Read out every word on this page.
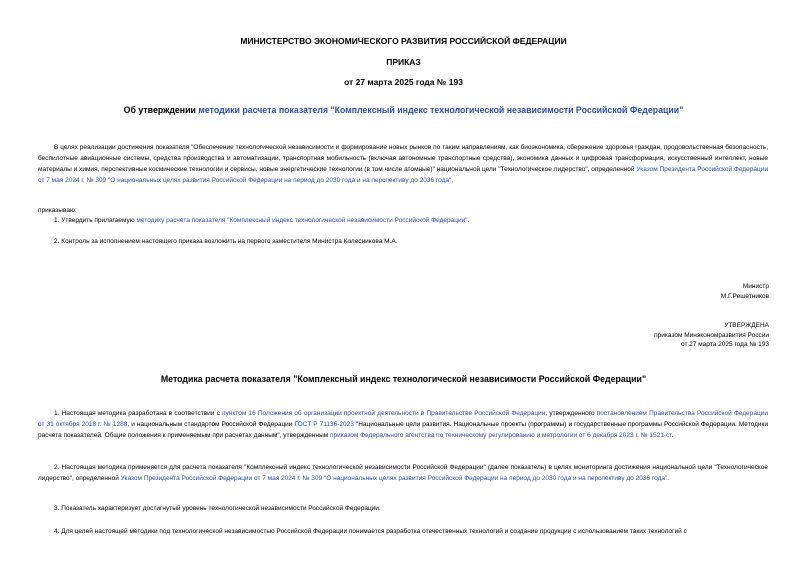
МИНИСТЕРСТВО ЭКОНОМИЧЕСКОГО РАЗВИТИЯ РОССИЙСКОЙ ФЕДЕРАЦИИ
ПРИКАЗ
от 27 марта 2025 года № 193
Об утверждении методики расчета показателя "Комплексный индекс технологической независимости Российской Федерации"
В целях реализации достижения показателя "Обеспечение технологической независимости и формирование новых рынков по таким направлениям, как биоэкономика, сбережение здоровья граждан, продовольственная безопасность, беспилотные авиационные системы, средства производства и автоматизации, транспортная мобильность (включая автономные транспортные средства), экономика данных и цифровая трансформация, искусственный интеллект, новые материалы и химия, перспективные космические технологии и сервисы, новые энергетические технологии (в том числе атомные)" национальной цели "Технологическое лидерство", определенной Указом Президента Российской Федерации от 7 мая 2024 г. № 309 "О национальных целях развития Российской Федерации на период до 2030 года и на перспективу до 2036 года",
приказываю:
1. Утвердить прилагаемую методику расчета показателя "Комплексный индекс технологической независимости Российской Федерации".
2. Контроль за исполнением настоящего приказа возложить на первого заместителя Министра Колесникова М.А.
Министр
М.Г.Решетников
УТВЕРЖДЕНА
приказом Минэкономразвития России
от 27 марта 2025 года № 193
Методика расчета показателя "Комплексный индекс технологической независимости Российской Федерации"
1. Настоящая методика разработана в соответствии с пунктом 16 Положения об организации проектной деятельности в Правительстве Российской Федерации, утвержденного постановлением Правительства Российской Федерации от 31 октября 2018 г. № 1288, и национальным стандартом Российской Федерации ГОСТ Р 71136-2023 "Национальные цели развития. Национальные проекты (программы) и государственные программы Российской Федерации. Методики расчета показателей. Общие положения к применяемым при расчетах данным", утвержденным приказом Федерального агентства по техническому регулированию и метрологии от 6 декабря 2023 г. № 1521-ст.
2. Настоящая методика применяется для расчета показателя "Комплексный индекс технологической независимости Российской Федерации" (далее показатель) в целях мониторинга достижения национальной цели "Технологическое лидерство", определенной Указом Президента Российской Федерации от 7 мая 2024 г. № 309 "О национальных целях развития Российской Федерации на период до 2030 года и на перспективу до 2036 года".
3. Показатель характеризует достигнутый уровень технологической независимости Российской Федерации.
4. Для целей настоящей методики под технологической независимостью Российской Федерации понимается разработка отечественных технологий и создание продукции с использованием таких технологий с
